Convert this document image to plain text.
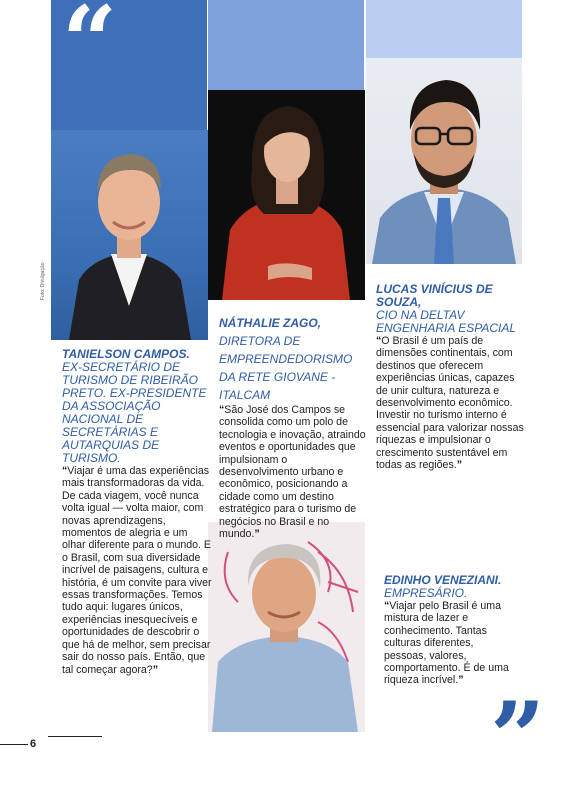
“
Foto: Divulgação
TANIELSON CAMPOS.
EX-SECRETÁRIO DE TURISMO DE RIBEIRÃO PRETO. EX-PRESIDENTE DA ASSOCIAÇÃO NACIONAL DE SECRETÁRIAS E AUTARQUIAS DE TURISMO.
“Viajar é uma das experiências mais transformadoras da vida. De cada viagem, você nunca volta igual — volta maior, com novas aprendizagens, momentos de alegria e um olhar diferente para o mundo. E o Brasil, com sua diversidade incrível de paisagens, cultura e história, é um convite para viver essas transformações. Temos tudo aqui: lugares únicos, experiências inesquecíveis e oportunidades de descobrir o que há de melhor, sem precisar sair do nosso país. Então, que tal começar agora?”
NÁTHALIE ZAGO, DIRETORA DE EMPREENDEDORISMO DA RETE GIOVANE - ITALCAM
“São José dos Campos se consolida como um polo de tecnologia e inovação, atraindo eventos e oportunidades que impulsionam o desenvolvimento urbano e econômico, posicionando a cidade como um destino estratégico para o turismo de negócios no Brasil e no mundo.”
LUCAS VINÍCIUS DE SOUZA,
CIO NA DELTAV ENGENHARIA ESPACIAL
“O Brasil é um país de dimensões continentais, com destinos que oferecem experiências únicas, capazes de unir cultura, natureza e desenvolvimento econômico. Investir no turismo interno é essencial para valorizar nossas riquezas e impulsionar o crescimento sustentável em todas as regiões.”
EDINHO VENEZIANI.
EMPRESÁRIO.
“Viajar pelo Brasil é uma mistura de lazer e conhecimento. Tantas culturas diferentes, pessoas, valores, comportamento. É de uma riqueza incrível.”
6	”
